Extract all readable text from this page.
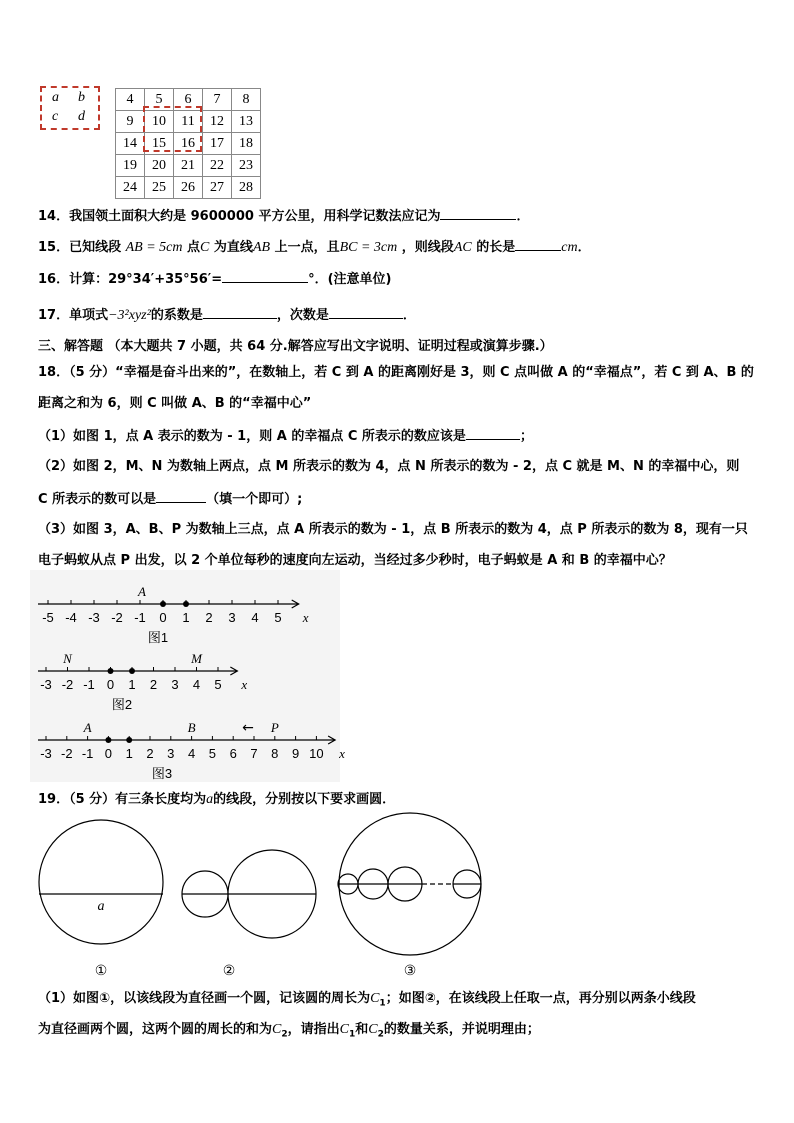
a b
c d
4	5	6	7	8
9	10	11	12	13
14	15	16	17	18
19	20	21	22	23
24	25	26	27	28
14．我国领土面积大约是 9600000 平方公里，用科学记数法应记为	．
15．已知线段 AB = 5cm 点C 为直线AB 上一点，且BC = 3cm ，则线段AC 的长是	cm．
16．计算：29°34′+35°56′=	°．(注意单位)
17．单项式−3²xyz²的系数是	，次数是	．
三、解答题 （本大题共 7 小题，共 64 分.解答应写出文字说明、证明过程或演算步骤.）
18．（5 分）“幸福是奋斗出来的”，在数轴上，若 C 到 A 的距离刚好是 3，则 C 点叫做 A 的“幸福点”，若 C 到 A、B 的
距离之和为 6，则 C 叫做 A、B 的“幸福中心”
（1）如图 1，点 A 表示的数为 - 1，则 A 的幸福点 C 所表示的数应该是	；
（2）如图 2，M、N 为数轴上两点，点 M 所表示的数为 4，点 N 所表示的数为 - 2，点 C 就是 M、N 的幸福中心，则
C 所表示的数可以是	（填一个即可）;
（3）如图 3，A、B、P 为数轴上三点，点 A 所表示的数为 - 1，点 B 所表示的数为 4，点 P 所表示的数为 8，现有一只
电子蚂蚁从点 P 出发，以 2 个单位每秒的速度向左运动，当经过多少秒时，电子蚂蚁是 A 和 B 的幸福中心？
-5 -4 -3 -2 -1 0 1 2 3 4 5 x
A
图1
-3 -2 -1 0 1 2 3 4 5 x
N	M
图2
-3 -2 -1 0 1 2 3 4 5 6 7 8 9 10 x
A	B	P
图3
←
19．（5 分）有三条长度均为a的线段，分别按以下要求画圆．
a
①	②	③
（1）如图①，以该线段为直径画一个圆，记该圆的周长为$C_1$；如图②，在该线段上任取一点，再分别以两条小线段
为直径画两个圆，这两个圆的周长的和为$C_2$，请指出$C_1$和$C_2$的数量关系，并说明理由；
